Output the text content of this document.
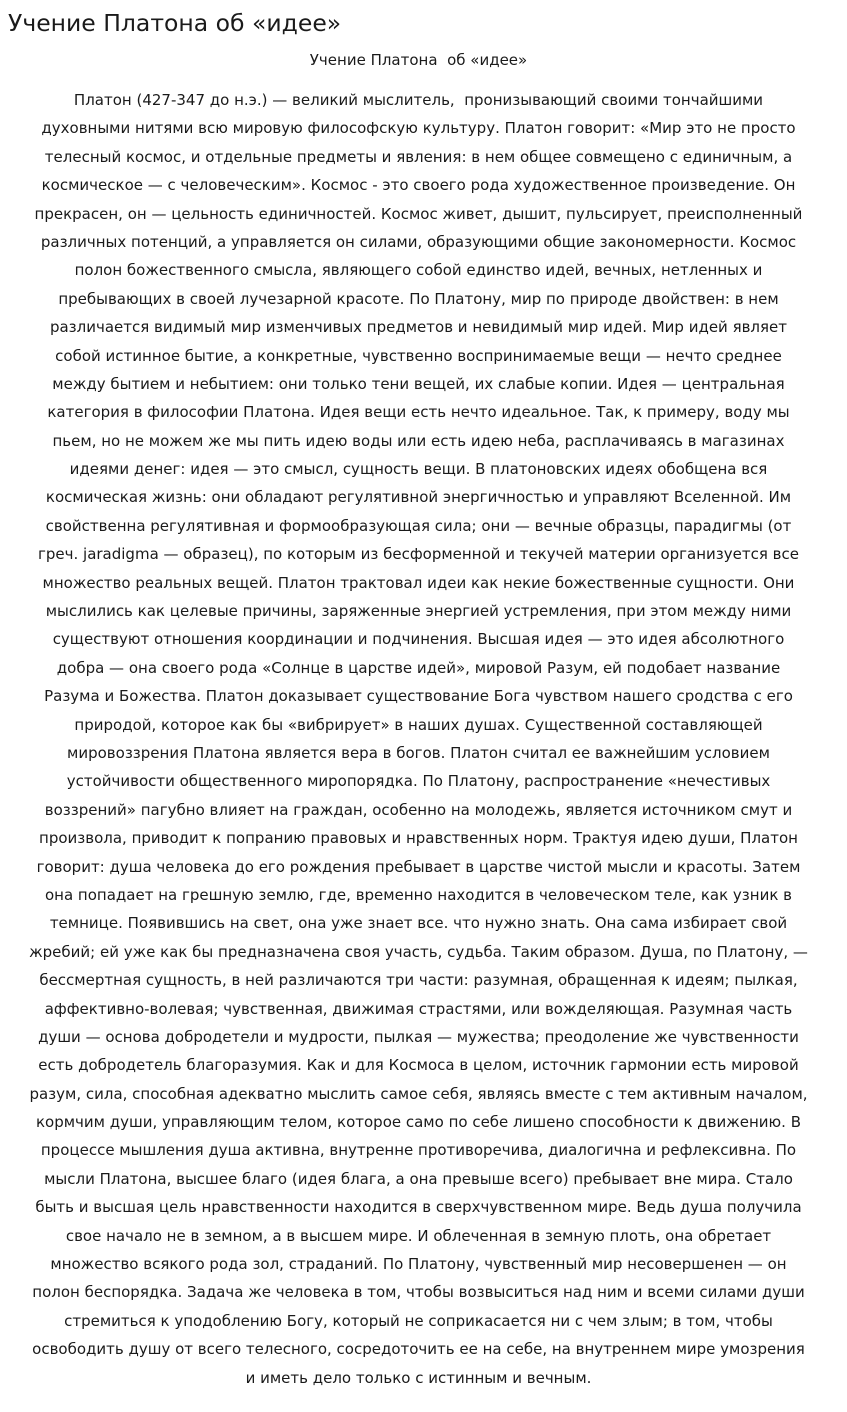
Учение Платона об «идее»
Учение Платона  об «идее»
Платон (427-347 до н.э.) — великий мыслитель,  пронизывающий своими тончайшими
духовными нитями всю мировую философскую культуру. Платон говорит: «Мир это не просто
телесный космос, и отдельные предметы и явления: в нем общее совмещено с единичным, а
космическое — с человеческим». Космос - это своего рода художественное произведение. Он
прекрасен, он — цельность единичностей. Космос живет, дышит, пульсирует, преисполненный
различных потенций, а управляется он силами, образующими общие закономерности. Космос
полон божественного смысла, являющего собой единство идей, вечных, нетленных и
пребывающих в своей лучезарной красоте. По Платону, мир по природе двойствен: в нем
различается видимый мир изменчивых предметов и невидимый мир идей. Мир идей являет
собой истинное бытие, а конкретные, чувственно воспринимаемые вещи — нечто среднее
между бытием и небытием: они только тени вещей, их слабые копии. Идея — центральная
категория в философии Платона. Идея вещи есть нечто идеальное. Так, к примеру, воду мы
пьем, но не можем же мы пить идею воды или есть идею неба, расплачиваясь в магазинах
идеями денег: идея — это смысл, сущность вещи. В платоновских идеях обобщена вся
космическая жизнь: они обладают регулятивной энергичностью и управляют Вселенной. Им
свойственна регулятивная и формообразующая сила; они — вечные образцы, парадигмы (от
греч. jaradigma — образец), по которым из бесформенной и текучей материи организуется все
множество реальных вещей. Платон трактовал идеи как некие божественные сущности. Они
мыслились как целевые причины, заряженные энергией устремления, при этом между ними
существуют отношения координации и подчинения. Высшая идея — это идея абсолютного
добра — она своего рода «Солнце в царстве идей», мировой Разум, ей подобает название
Разума и Божества. Платон доказывает существование Бога чувством нашего сродства с его
природой, которое как бы «вибрирует» в наших душах. Существенной составляющей
мировоззрения Платона является вера в богов. Платон считал ее важнейшим условием
устойчивости общественного миропорядка. По Платону, распространение «нечестивых
воззрений» пагубно влияет на граждан, особенно на молодежь, является источником смут и
произвола, приводит к попранию правовых и нравственных норм. Трактуя идею души, Платон
говорит: душа человека до его рождения пребывает в царстве чистой мысли и красоты. Затем
она попадает на грешную землю, где, временно находится в человеческом теле, как узник в
темнице. Появившись на свет, она уже знает все. что нужно знать. Она сама избирает свой
жребий; ей уже как бы предназначена своя участь, судьба. Таким образом. Душа, по Платону, —
бессмертная сущность, в ней различаются три части: разумная, обращенная к идеям; пылкая,
аффективно-волевая; чувственная, движимая страстями, или вожделяющая. Разумная часть
души — основа добродетели и мудрости, пылкая — мужества; преодоление же чувственности
есть добродетель благоразумия. Как и для Космоса в целом, источник гармонии есть мировой
разум, сила, способная адекватно мыслить самое себя, являясь вместе с тем активным началом,
кормчим души, управляющим телом, которое само по себе лишено способности к движению. В
процессе мышления душа активна, внутренне противоречива, диалогична и рефлексивна. По
мысли Платона, высшее благо (идея блага, а она превыше всего) пребывает вне мира. Стало
быть и высшая цель нравственности находится в сверхчувственном мире. Ведь душа получила
свое начало не в земном, а в высшем мире. И облеченная в земную плоть, она обретает
множество всякого рода зол, страданий. По Платону, чувственный мир несовершенен — он
полон беспорядка. Задача же человека в том, чтобы возвыситься над ним и всеми силами души
стремиться к уподоблению Богу, который не соприкасается ни с чем злым; в том, чтобы
освободить душу от всего телесного, сосредоточить ее на себе, на внутреннем мире умозрения
и иметь дело только с истинным и вечным.
